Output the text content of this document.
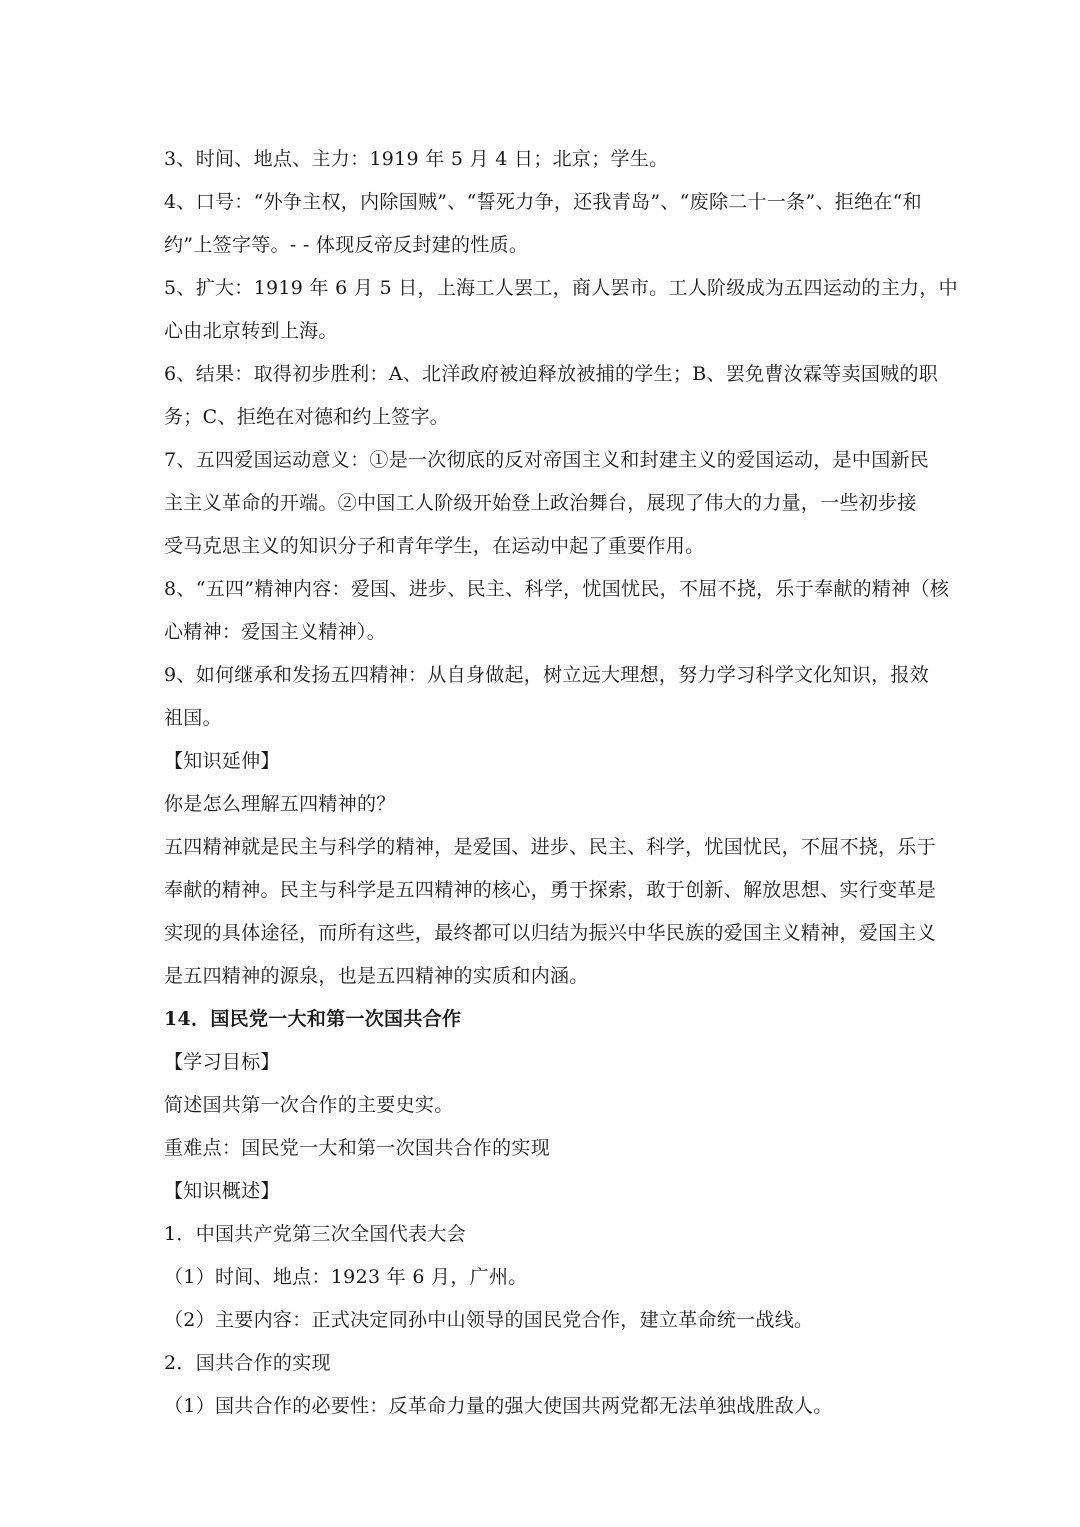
3、时间、地点、主力：1919 年 5 月 4 日；北京；学生。
4、口号：“外争主权，内除国贼”、“誓死力争，还我青岛”、“废除二十一条”、拒绝在“和
约”上签字等。- - 体现反帝反封建的性质。
5、扩大：1919 年 6 月 5 日，上海工人罢工，商人罢市。工人阶级成为五四运动的主力，中
心由北京转到上海。
6、结果：取得初步胜利：A、北洋政府被迫释放被捕的学生；B、罢免曹汝霖等卖国贼的职
务；C、拒绝在对德和约上签字。
7、五四爱国运动意义：①是一次彻底的反对帝国主义和封建主义的爱国运动，是中国新民
主主义革命的开端。②中国工人阶级开始登上政治舞台，展现了伟大的力量，一些初步接
受马克思主义的知识分子和青年学生，在运动中起了重要作用。
8、“五四”精神内容：爱国、进步、民主、科学，忧国忧民，不屈不挠，乐于奉献的精神（核
心精神：爱国主义精神）。
9、如何继承和发扬五四精神：从自身做起，树立远大理想，努力学习科学文化知识，报效
祖国。
【知识延伸】
你是怎么理解五四精神的？
五四精神就是民主与科学的精神，是爱国、进步、民主、科学，忧国忧民，不屈不挠，乐于
奉献的精神。民主与科学是五四精神的核心，勇于探索，敢于创新、解放思想、实行变革是
实现的具体途径，而所有这些，最终都可以归结为振兴中华民族的爱国主义精神，爱国主义
是五四精神的源泉，也是五四精神的实质和内涵。
14．国民党一大和第一次国共合作
【学习目标】
简述国共第一次合作的主要史实。
重难点：国民党一大和第一次国共合作的实现
【知识概述】
1．中国共产党第三次全国代表大会
（1）时间、地点：1923 年 6 月，广州。
（2）主要内容：正式决定同孙中山领导的国民党合作，建立革命统一战线。
2．国共合作的实现
（1）国共合作的必要性：反革命力量的强大使国共两党都无法单独战胜敌人。
